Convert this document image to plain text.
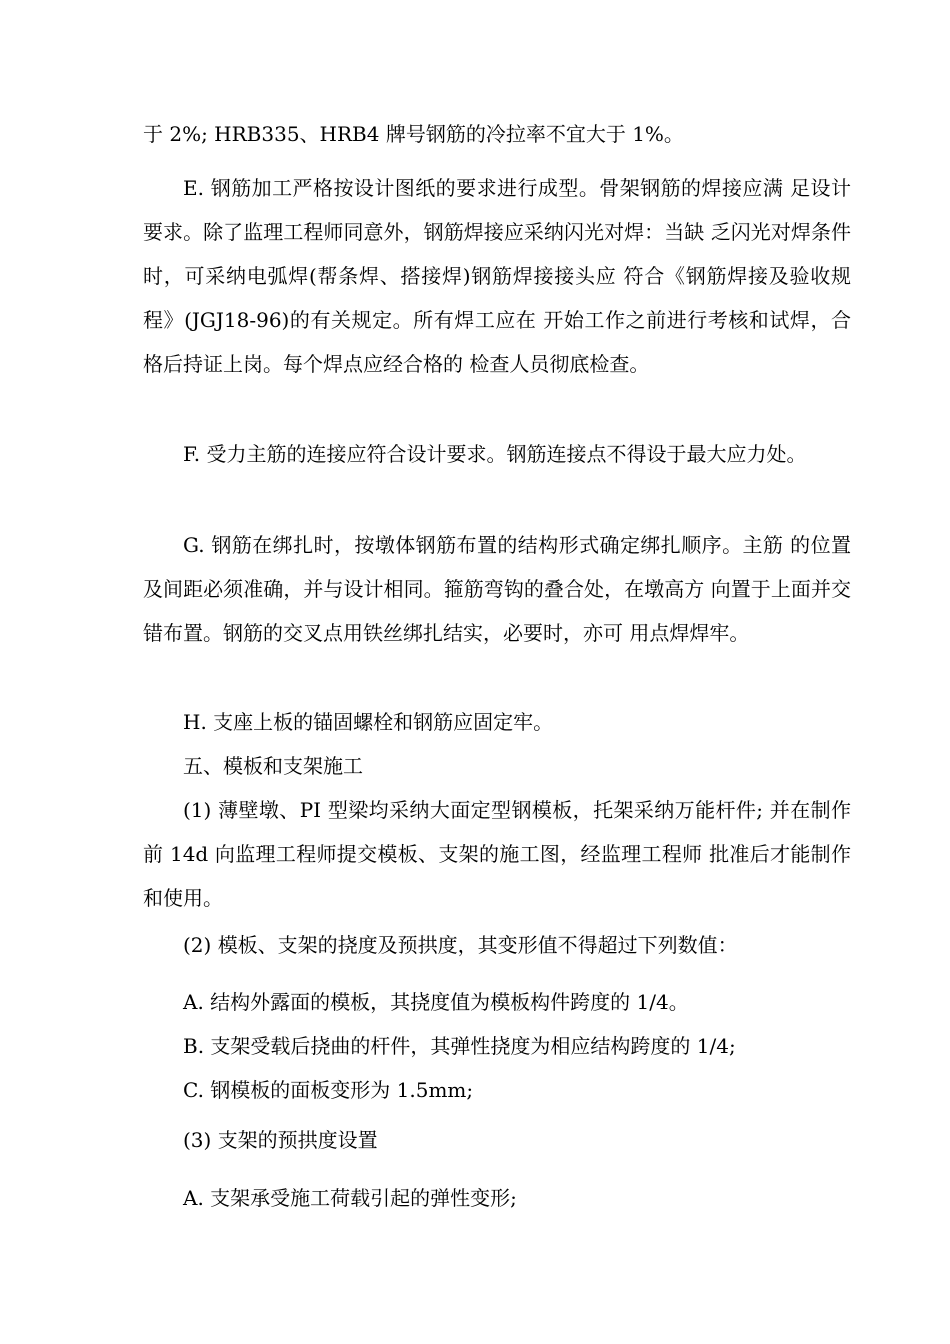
于 2%; HRB335、HRB4 牌号钢筋的冷拉率不宜大于 1%。

E. 钢筋加工严格按设计图纸的要求进行成型。骨架钢筋的焊接应满 足设计要求。除了监理工程师同意外，钢筋焊接应采纳闪光对焊：当缺 乏闪光对焊条件时，可采纳电弧焊(帮条焊、搭接焊)钢筋焊接接头应 符合《钢筋焊接及验收规程》(JGJ18-96)的有关规定。所有焊工应在 开始工作之前进行考核和试焊，合格后持证上岗。每个焊点应经合格的 检查人员彻底检查。

F. 受力主筋的连接应符合设计要求。钢筋连接点不得设于最大应力处。

G. 钢筋在绑扎时，按墩体钢筋布置的结构形式确定绑扎顺序。主筋 的位置及间距必须准确，并与设计相同。箍筋弯钩的叠合处，在墩高方 向置于上面并交错布置。钢筋的交叉点用铁丝绑扎结实，必要时，亦可 用点焊焊牢。

H. 支座上板的锚固螺栓和钢筋应固定牢。

五、模板和支架施工

(1) 薄壁墩、PI 型梁均采纳大面定型钢模板，托架采纳万能杆件; 并在制作前 14d 向监理工程师提交模板、支架的施工图，经监理工程师 批准后才能制作和使用。

(2) 模板、支架的挠度及预拱度，其变形值不得超过下列数值：

A. 结构外露面的模板，其挠度值为模板构件跨度的 1/4。

B. 支架受载后挠曲的杆件，其弹性挠度为相应结构跨度的 1/4;

C. 钢模板的面板变形为 1.5mm;

(3) 支架的预拱度设置

A. 支架承受施工荷载引起的弹性变形;
